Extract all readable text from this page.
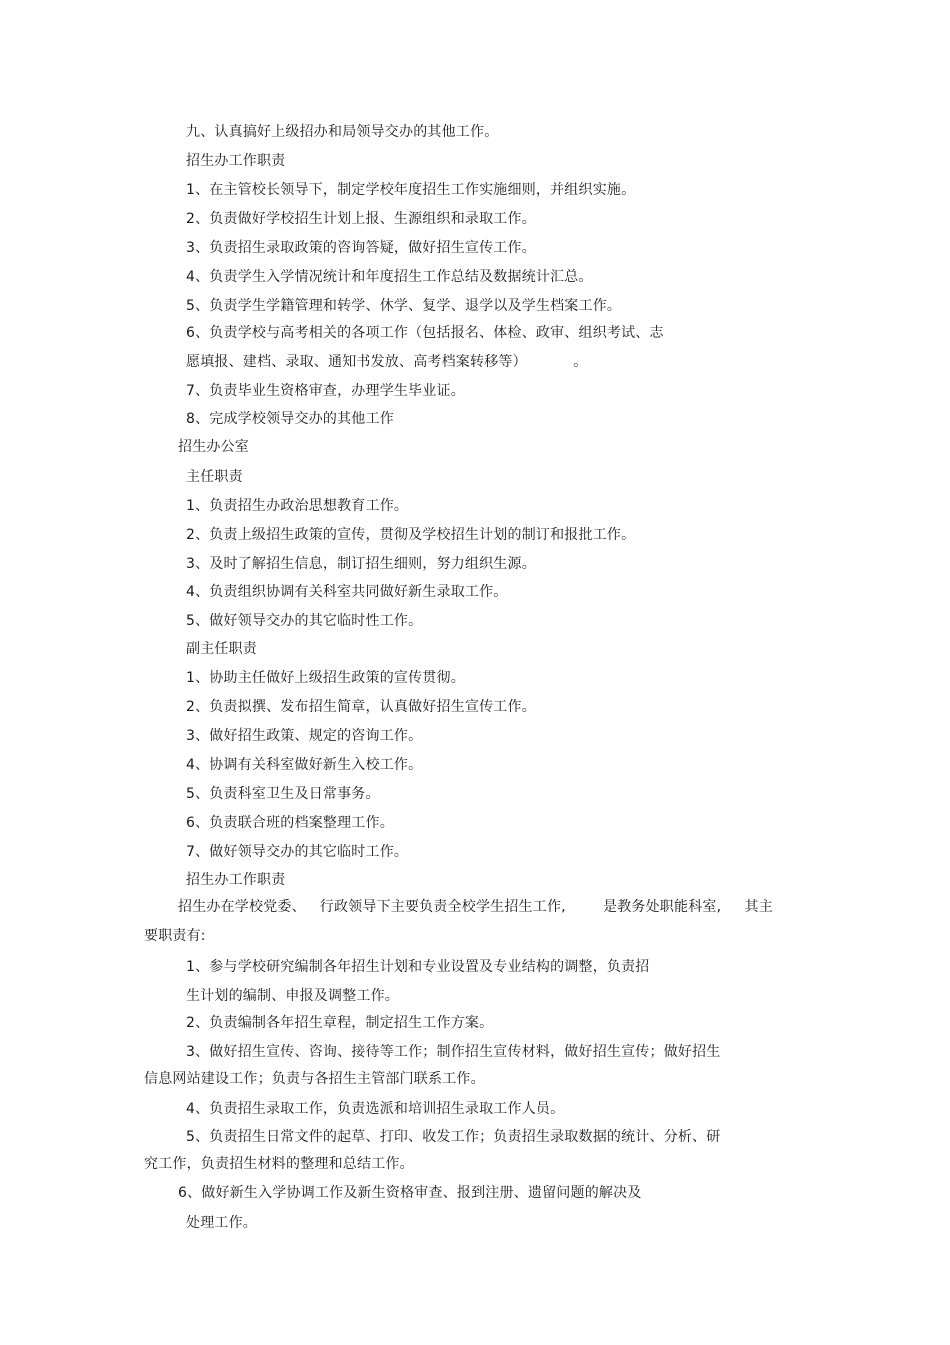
九、认真搞好上级招办和局领导交办的其他工作。
招生办工作职责
1、在主管校长领导下，制定学校年度招生工作实施细则，并组织实施。
2、负责做好学校招生计划上报、生源组织和录取工作。
3、负责招生录取政策的咨询答疑，做好招生宣传工作。
4、负责学生入学情况统计和年度招生工作总结及数据统计汇总。
5、负责学生学籍管理和转学、休学、复学、退学以及学生档案工作。
6、负责学校与高考相关的各项工作（包括报名、体检、政审、组织考试、志
愿填报、建档、录取、通知书发放、高考档案转移等）          。
7、负责毕业生资格审查，办理学生毕业证。
8、完成学校领导交办的其他工作
招生办公室
主任职责
1、负责招生办政治思想教育工作。
2、负责上级招生政策的宣传，贯彻及学校招生计划的制订和报批工作。
3、及时了解招生信息，制订招生细则，努力组织生源。
4、负责组织协调有关科室共同做好新生录取工作。
5、做好领导交办的其它临时性工作。
副主任职责
1、协助主任做好上级招生政策的宣传贯彻。
2、负责拟撰、发布招生简章，认真做好招生宣传工作。
3、做好招生政策、规定的咨询工作。
4、协调有关科室做好新生入校工作。
5、负责科室卫生及日常事务。
6、负责联合班的档案整理工作。
7、做好领导交办的其它临时工作。
招生办工作职责
招生办在学校党委、   行政领导下主要负责全校学生招生工作,        是教务处职能科室,     其主
要职责有:
1、参与学校研究编制各年招生计划和专业设置及专业结构的调整，负责招
生计划的编制、申报及调整工作。
2、负责编制各年招生章程，制定招生工作方案。
3、做好招生宣传、咨询、接待等工作；制作招生宣传材料，做好招生宣传；做好招生
信息网站建设工作；负责与各招生主管部门联系工作。
4、负责招生录取工作，负责选派和培训招生录取工作人员。
5、负责招生日常文件的起草、打印、收发工作；负责招生录取数据的统计、分析、研
究工作，负责招生材料的整理和总结工作。
6、做好新生入学协调工作及新生资格审查、报到注册、遗留问题的解决及
处理工作。
